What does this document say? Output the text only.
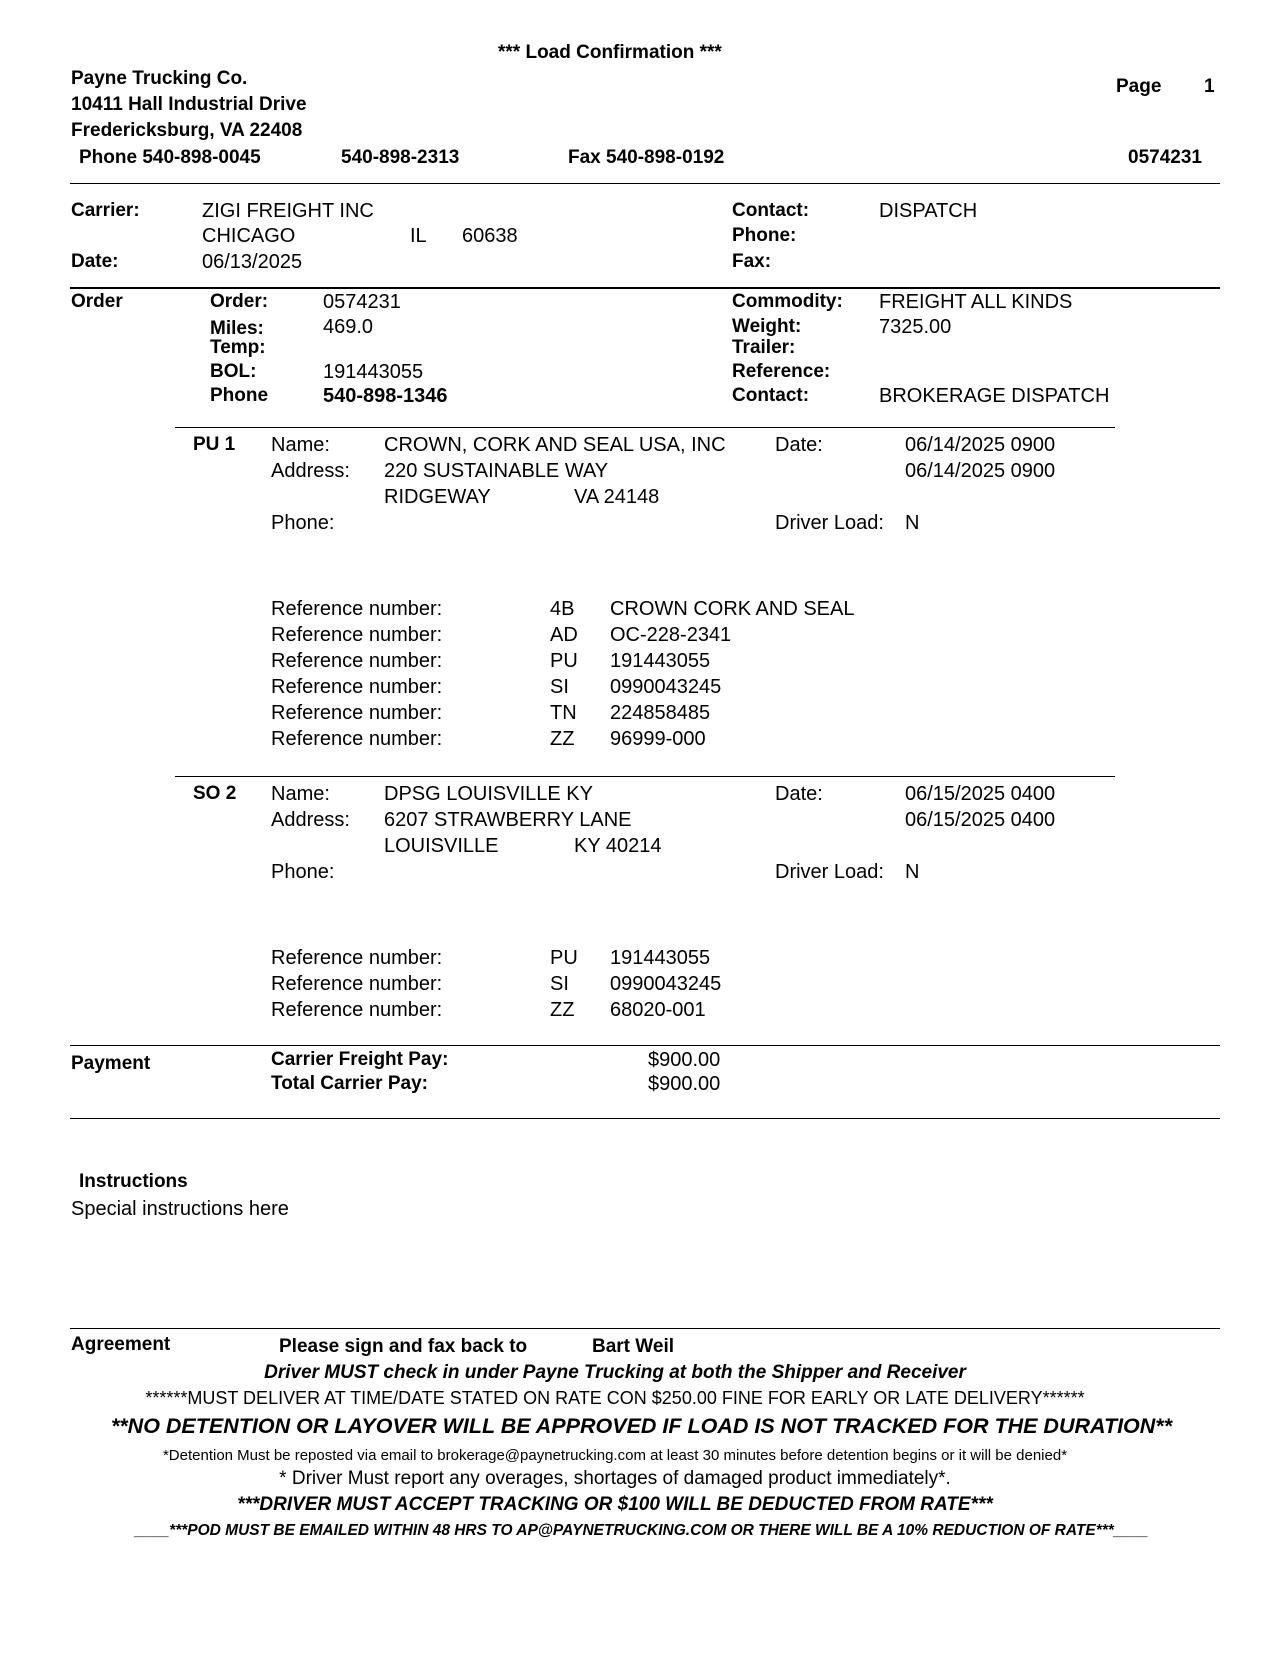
*** Load Confirmation ***
Payne Trucking Co.
10411 Hall Industrial Drive
Fredericksburg, VA 22408
Phone 540-898-0045	540-898-2313	Fax 540-898-0192
Page 1
0574231
Carrier:	ZIGI FREIGHT INC
CHICAGO	IL 60638
Date:	06/13/2025
Contact:	DISPATCH
Phone:
Fax:
Order	Order:	0574231
Miles:	469.0
Temp:
BOL:	191443055
Phone	540-898-1346
Commodity: FREIGHT ALL KINDS
Weight:	7325.00
Trailer:
Reference:
Contact:	BROKERAGE DISPATCH
PU 1 Name:	CROWN, CORK AND SEAL USA, INC
Address: 220 SUSTAINABLE WAY
RIDGEWAY	VA 24148
Phone:
Date:	06/14/2025 0900
06/14/2025 0900
Driver Load: N
Reference number:	4B CROWN CORK AND SEAL
Reference number:	AD OC-228-2341
Reference number:	PU 191443055
Reference number:	SI 0990043245
Reference number:	TN 224858485
Reference number:	ZZ 96999-000
SO 2 Name:	DPSG LOUISVILLE KY
Address: 6207 STRAWBERRY LANE
LOUISVILLE	KY 40214
Phone:
Date:	06/15/2025 0400
06/15/2025 0400
Driver Load: N
Reference number:	PU 191443055
Reference number:	SI 0990043245
Reference number:	ZZ 68020-001
Payment	Carrier Freight Pay:	$900.00
Total Carrier Pay:	$900.00
Instructions
Special instructions here
Agreement	Please sign and fax back to	Bart Weil
Driver MUST check in under Payne Trucking at both the Shipper and Receiver
******MUST DELIVER AT TIME/DATE STATED ON RATE CON $250.00 FINE FOR EARLY OR LATE DELIVERY******
**NO DETENTION OR LAYOVER WILL BE APPROVED IF LOAD IS NOT TRACKED FOR THE DURATION**
*Detention Must be reposted via email to brokerage@paynetrucking.com at least 30 minutes before detention begins or it will be denied*
* Driver Must report any overages, shortages of damaged product immediately*.
***DRIVER MUST ACCEPT TRACKING OR $100 WILL BE DEDUCTED FROM RATE***
____***POD MUST BE EMAILED WITHIN 48 HRS TO AP@PAYNETRUCKING.COM OR THERE WILL BE A 10% REDUCTION OF RATE***____
